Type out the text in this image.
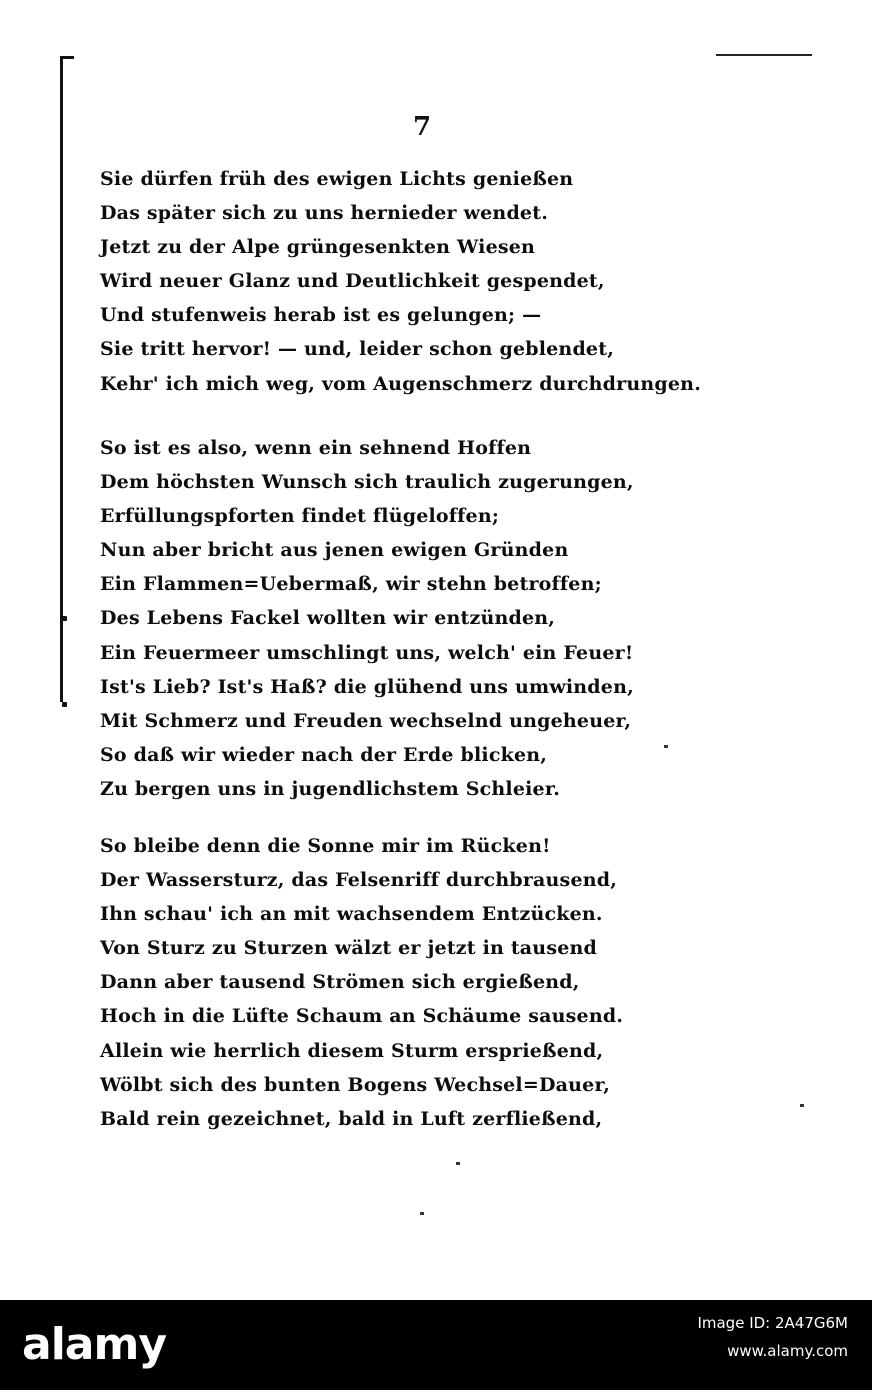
7
Sie dürfen früh des ewigen Lichts genießen
Das später sich zu uns hernieder wendet.
Jetzt zu der Alpe grüngesenkten Wiesen
Wird neuer Glanz und Deutlichkeit gespendet,
Und stufenweis herab ist es gelungen; —
Sie tritt hervor! — und, leider schon geblendet,
Kehr' ich mich weg, vom Augenschmerz durchdrungen.
So ist es also, wenn ein sehnend Hoffen
Dem höchsten Wunsch sich traulich zugerungen,
Erfüllungspforten findet flügeloffen;
Nun aber bricht aus jenen ewigen Gründen
Ein Flammen=Uebermaß, wir stehn betroffen;
Des Lebens Fackel wollten wir entzünden,
Ein Feuermeer umschlingt uns, welch' ein Feuer!
Ist's Lieb? Ist's Haß? die glühend uns umwinden,
Mit Schmerz und Freuden wechselnd ungeheuer,
So daß wir wieder nach der Erde blicken,
Zu bergen uns in jugendlichstem Schleier.
So bleibe denn die Sonne mir im Rücken!
Der Wassersturz, das Felsenriff durchbrausend,
Ihn schau' ich an mit wachsendem Entzücken.
Von Sturz zu Sturzen wälzt er jetzt in tausend
Dann aber tausend Strömen sich ergießend,
Hoch in die Lüfte Schaum an Schäume sausend.
Allein wie herrlich diesem Sturm ersprießend,
Wölbt sich des bunten Bogens Wechsel=Dauer,
Bald rein gezeichnet, bald in Luft zerfließend,
alamy	Image ID: 2A47G6M
www.alamy.com
